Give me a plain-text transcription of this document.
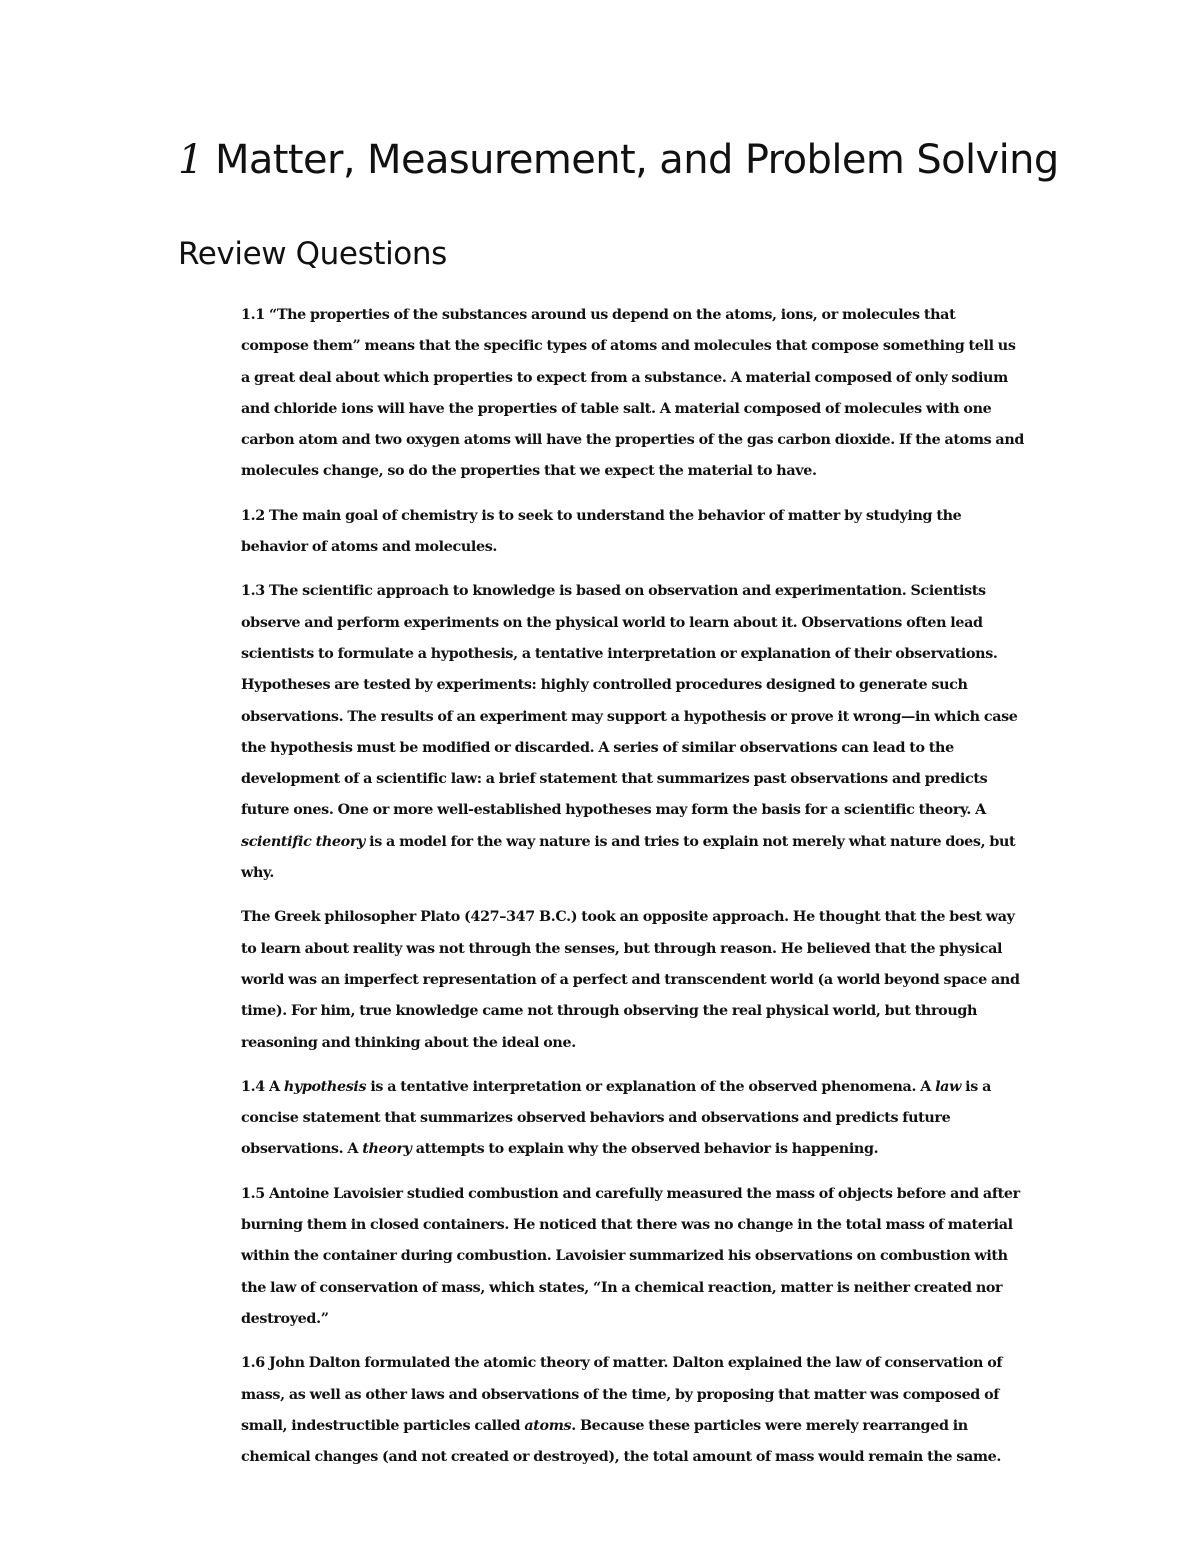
1 Matter, Measurement, and Problem Solving
Review Questions

1.1 “The properties of the substances around us depend on the atoms, ions, or molecules that compose them” means that the specific types of atoms and molecules that compose something tell us a great deal about which properties to expect from a substance. A material composed of only sodium and chloride ions will have the properties of table salt. A material composed of molecules with one carbon atom and two oxygen atoms will have the properties of the gas carbon dioxide. If the atoms and molecules change, so do the properties that we expect the material to have.

1.2 The main goal of chemistry is to seek to understand the behavior of matter by studying the behavior of atoms and molecules.

1.3 The scientific approach to knowledge is based on observation and experimentation. Scientists observe and perform experiments on the physical world to learn about it. Observations often lead scientists to formulate a hypothesis, a tentative interpretation or explanation of their observations. Hypotheses are tested by experiments: highly controlled procedures designed to generate such observations. The results of an experiment may support a hypothesis or prove it wrong—in which case the hypothesis must be modified or discarded. A series of similar observations can lead to the development of a scientific law: a brief statement that summarizes past observations and predicts future ones. One or more well-established hypotheses may form the basis for a scientific theory. A scientific theory is a model for the way nature is and tries to explain not merely what nature does, but why.

The Greek philosopher Plato (427–347 B.C.) took an opposite approach. He thought that the best way to learn about reality was not through the senses, but through reason. He believed that the physical world was an imperfect representation of a perfect and transcendent world (a world beyond space and time). For him, true knowledge came not through observing the real physical world, but through reasoning and thinking about the ideal one.

1.4 A hypothesis is a tentative interpretation or explanation of the observed phenomena. A law is a concise statement that summarizes observed behaviors and observations and predicts future observations. A theory attempts to explain why the observed behavior is happening.

1.5 Antoine Lavoisier studied combustion and carefully measured the mass of objects before and after burning them in closed containers. He noticed that there was no change in the total mass of material within the container during combustion. Lavoisier summarized his observations on combustion with the law of conservation of mass, which states, “In a chemical reaction, matter is neither created nor destroyed.”

1.6 John Dalton formulated the atomic theory of matter. Dalton explained the law of conservation of mass, as well as other laws and observations of the time, by proposing that matter was composed of small, indestructible particles called atoms. Because these particles were merely rearranged in chemical changes (and not created or destroyed), the total amount of mass would remain the same.
